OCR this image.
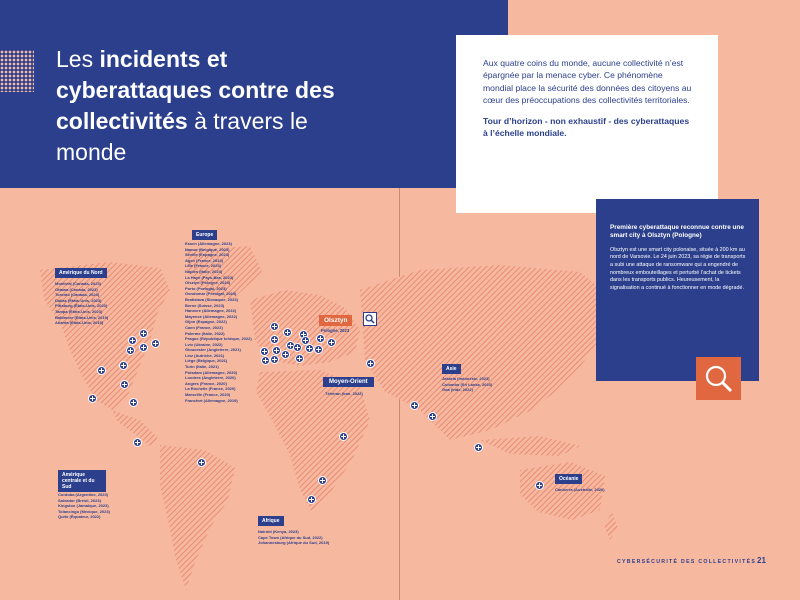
Les incidents et cyberattaques contre des collectivités à travers le monde

Aux quatre coins du monde, aucune collectivité n’est épargnée par la menace cyber. Ce phénomène mondial place la sécurité des données des citoyens au cœur des préoccupations des collectivités territoriales.

Tour d’horizon - non exhaustif - des cyberattaques à l’échelle mondiale.

Amérique du Nord
Montréal (Canada, 2023)
Ottawa (Canada, 2023)
Toronto (Canada, 2023)
Dallas (États-Unis, 2023)
Pittsburg (États-Unis, 2023)
Tampa (États-Unis, 2023)
Baltimore (États-Unis, 2019)
Atlanta (États-Unis, 2018)
Amérique centrale et du Sud
Cordoba (Argentine, 2023)
Salvador (Brésil, 2023)
Kingston (Jamaïque, 2023)
Tolancingo (Mexique, 2023)
Quito (Équateur, 2022)
Europe
Essen (Allemagne, 2023)
Namur (Belgique, 2023)
Séville (Espagne, 2023)
Agen (France, 2023)
Lille (France, 2023)
Naples (Italie, 2023)
La Haye (Pays-Bas, 2023)
Olsztyn (Pologne, 2023)
Porto (Portugal, 2023)
Gondomar (Portugal, 2023)
Bratislava (Slovaquie, 2023)
Berne (Suisse, 2023)
Hanovre (Allemagne, 2022)
Mayence (Allemagne, 2022)
Gijon (Espagne, 2022)
Caen (France, 2022)
Palerme (Italie, 2022)
Prague (République tchèque, 2022)
Lviv (Ukraine, 2022)
Gloucester (Angleterre, 2021)
Linz (Autriche, 2021)
Liège (Belgique, 2021)
Turin (Italie, 2021)
Potsdam (Allemagne, 2020)
Londres (Angleterre, 2020)
Angers (France, 2020)
La Rochelle (France, 2020)
Marseille (France, 2020)
Francfort (Allemagne, 2019)
Moyen-Orient
Téhéran (Iran, 2022)
Afrique
Nairobi (Kenya, 2023)
Cape Town (Afrique du Sud, 2022)
Johannesburg (Afrique du Sud, 2019)
Asie
Jakarta (Indonésie, 2023)
Colombo (Sri Lanka, 2023)
Goa (Inde, 2022)
Océanie
Canberra (Australie, 2020)
Olsztyn
Pologne, 2023
Première cyberattaque reconnue contre une smart city à Olsztyn (Pologne)

Olsztyn est une smart city polonaise, située à 200 km au nord de Varsovie. Le 24 juin 2023, sa régie de transports a subi une attaque de ransomware qui a engendré de nombreux embouteillages et perturbé l’achat de tickets dans les transports publics. Heureusement, la signalisation a continué à fonctionner en mode dégradé.

CYBERSÉCURITÉ DES COLLECTIVITÉS 21
